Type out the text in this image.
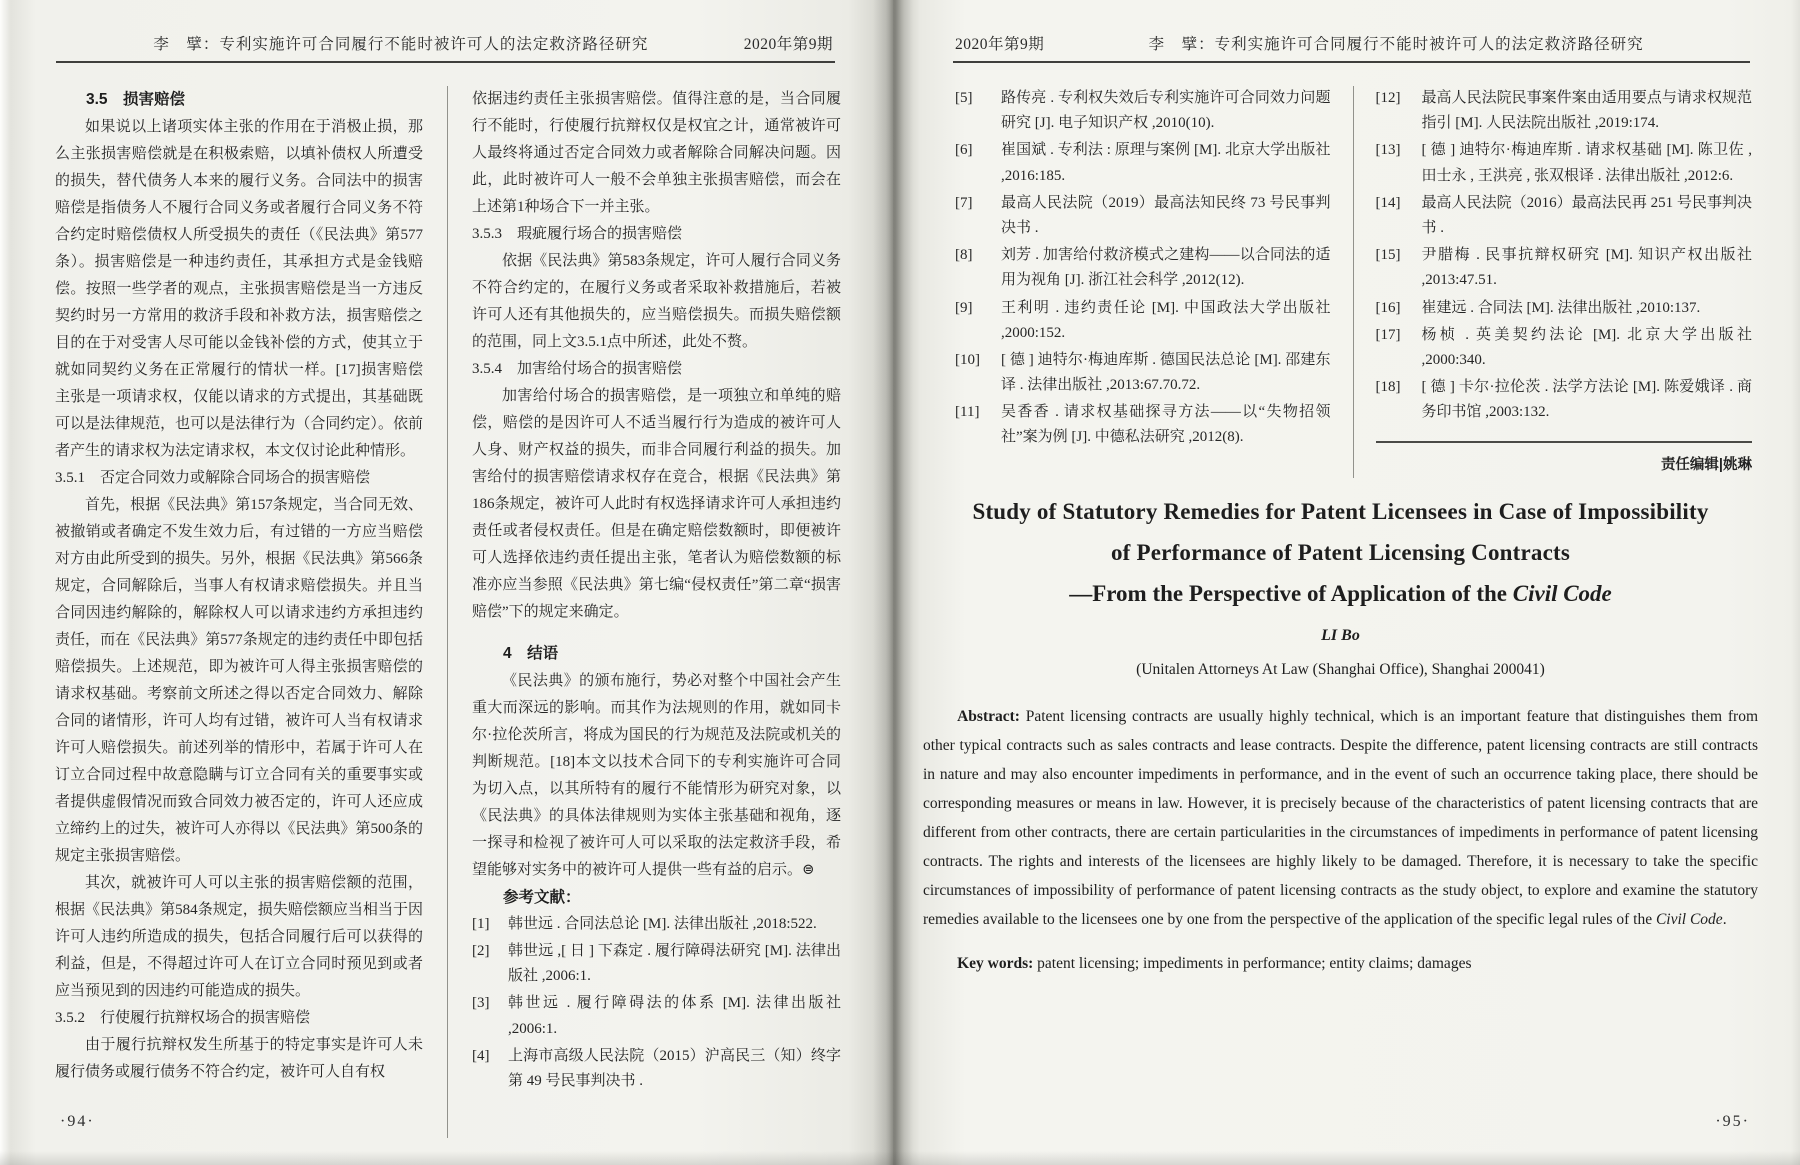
李　擘：专利实施许可合同履行不能时被许可人的法定救济路径研究	2020年第9期

3.5　损害赔偿

如果说以上诸项实体主张的作用在于消极止损，那么主张损害赔偿就是在积极索赔，以填补债权人所遭受的损失，替代债务人本来的履行义务。合同法中的损害赔偿是指债务人不履行合同义务或者履行合同义务不符合约定时赔偿债权人所受损失的责任（《民法典》第577条）。损害赔偿是一种违约责任，其承担方式是金钱赔偿。按照一些学者的观点，主张损害赔偿是当一方违反契约时另一方常用的救济手段和补救方法，损害赔偿之目的在于对受害人尽可能以金钱补偿的方式，使其立于就如同契约义务在正常履行的情状一样。[17]损害赔偿主张是一项请求权，仅能以请求的方式提出，其基础既可以是法律规范，也可以是法律行为（合同约定）。依前者产生的请求权为法定请求权，本文仅讨论此种情形。

3.5.1　否定合同效力或解除合同场合的损害赔偿

首先，根据《民法典》第157条规定，当合同无效、被撤销或者确定不发生效力后，有过错的一方应当赔偿对方由此所受到的损失。另外，根据《民法典》第566条规定，合同解除后，当事人有权请求赔偿损失。并且当合同因违约解除的，解除权人可以请求违约方承担违约责任，而在《民法典》第577条规定的违约责任中即包括赔偿损失。上述规范，即为被许可人得主张损害赔偿的请求权基础。考察前文所述之得以否定合同效力、解除合同的诸情形，许可人均有过错，被许可人当有权请求许可人赔偿损失。前述列举的情形中，若属于许可人在订立合同过程中故意隐瞒与订立合同有关的重要事实或者提供虚假情况而致合同效力被否定的，许可人还应成立缔约上的过失，被许可人亦得以《民法典》第500条的规定主张损害赔偿。

其次，就被许可人可以主张的损害赔偿额的范围，根据《民法典》第584条规定，损失赔偿额应当相当于因许可人违约所造成的损失，包括合同履行后可以获得的利益，但是，不得超过许可人在订立合同时预见到或者应当预见到的因违约可能造成的损失。

3.5.2　行使履行抗辩权场合的损害赔偿

由于履行抗辩权发生所基于的特定事实是许可人未履行债务或履行债务不符合约定，被许可人自有权

依据违约责任主张损害赔偿。值得注意的是，当合同履行不能时，行使履行抗辩权仅是权宜之计，通常被许可人最终将通过否定合同效力或者解除合同解决问题。因此，此时被许可人一般不会单独主张损害赔偿，而会在上述第1种场合下一并主张。

3.5.3　瑕疵履行场合的损害赔偿

依据《民法典》第583条规定，许可人履行合同义务不符合约定的，在履行义务或者采取补救措施后，若被许可人还有其他损失的，应当赔偿损失。而损失赔偿额的范围，同上文3.5.1点中所述，此处不赘。

3.5.4　加害给付场合的损害赔偿

加害给付场合的损害赔偿，是一项独立和单纯的赔偿，赔偿的是因许可人不适当履行行为造成的被许可人人身、财产权益的损失，而非合同履行利益的损失。加害给付的损害赔偿请求权存在竞合，根据《民法典》第186条规定，被许可人此时有权选择请求许可人承担违约责任或者侵权责任。但是在确定赔偿数额时，即便被许可人选择依违约责任提出主张，笔者认为赔偿数额的标准亦应当参照《民法典》第七编“侵权责任”第二章“损害赔偿”下的规定来确定。

4　结语

《民法典》的颁布施行，势必对整个中国社会产生重大而深远的影响。而其作为法规则的作用，就如同卡尔·拉伦茨所言，将成为国民的行为规范及法院或机关的判断规范。[18]本文以技术合同下的专利实施许可合同为切入点，以其所特有的履行不能情形为研究对象，以《民法典》的具体法律规则为实体主张基础和视角，逐一探寻和检视了被许可人可以采取的法定救济手段，希望能够对实务中的被许可人提供一些有益的启示。⊜

参考文献：

[1]	韩世远 . 合同法总论 [M]. 法律出版社 ,2018:522.
[2]	韩世远 ,[ 日 ] 下森定 . 履行障碍法研究 [M]. 法律出版社 ,2006:1.
[3]	韩世远 . 履行障碍法的体系 [M]. 法律出版社 ,2006:1.
[4]	上海市高级人民法院（2015）沪高民三（知）终字第 49 号民事判决书 .
·94·
2020年第9期	李　擘：专利实施许可合同履行不能时被许可人的法定救济路径研究
[5]	路传亮 . 专利权失效后专利实施许可合同效力问题研究 [J]. 电子知识产权 ,2010(10).
[6]	崔国斌 . 专利法 : 原理与案例 [M]. 北京大学出版社 ,2016:185.
[7]	最高人民法院（2019）最高法知民终 73 号民事判决书 .
[8]	刘芳 . 加害给付救济模式之建构——以合同法的适用为视角 [J]. 浙江社会科学 ,2012(12).
[9]	王利明 . 违约责任论 [M]. 中国政法大学出版社 ,2000:152.
[10]	[ 德 ] 迪特尔·梅迪库斯 . 德国民法总论 [M]. 邵建东译 . 法律出版社 ,2013:67.70.72.
[11]	吴香香 . 请求权基础探寻方法——以“失物招领社”案为例 [J]. 中德私法研究 ,2012(8).
[12]	最高人民法院民事案件案由适用要点与请求权规范指引 [M]. 人民法院出版社 ,2019:174.
[13]	[ 德 ] 迪特尔·梅迪库斯 . 请求权基础 [M]. 陈卫佐 , 田士永 , 王洪亮 , 张双根译 . 法律出版社 ,2012:6.
[14]	最高人民法院（2016）最高法民再 251 号民事判决书 .
[15]	尹腊梅 . 民事抗辩权研究 [M]. 知识产权出版社 ,2013:47.51.
[16]	崔建远 . 合同法 [M]. 法律出版社 ,2010:137.
[17]	杨桢 . 英美契约法论 [M]. 北京大学出版社 ,2000:340.
[18]	[ 德 ] 卡尔·拉伦茨 . 法学方法论 [M]. 陈爱娥译 . 商务印书馆 ,2003:132.
责任编辑|姚琳
Study of Statutory Remedies for Patent Licensees in Case of Impossibility
of Performance of Patent Licensing Contracts
—From the Perspective of Application of the Civil Code
LI Bo
(Unitalen Attorneys At Law (Shanghai Office), Shanghai 200041)

Abstract: Patent licensing contracts are usually highly technical, which is an important feature that distinguishes them from other typical contracts such as sales contracts and lease contracts. Despite the difference, patent licensing contracts are still contracts in nature and may also encounter impediments in performance, and in the event of such an occurrence taking place, there should be corresponding measures or means in law. However, it is precisely because of the characteristics of patent licensing contracts that are different from other contracts, there are certain particularities in the circumstances of impediments in performance of patent licensing contracts. The rights and interests of the licensees are highly likely to be damaged. Therefore, it is necessary to take the specific circumstances of impossibility of performance of patent licensing contracts as the study object, to explore and examine the statutory remedies available to the licensees one by one from the perspective of the application of the specific legal rules of the Civil Code.

Key words: patent licensing; impediments in performance; entity claims; damages

·95·
